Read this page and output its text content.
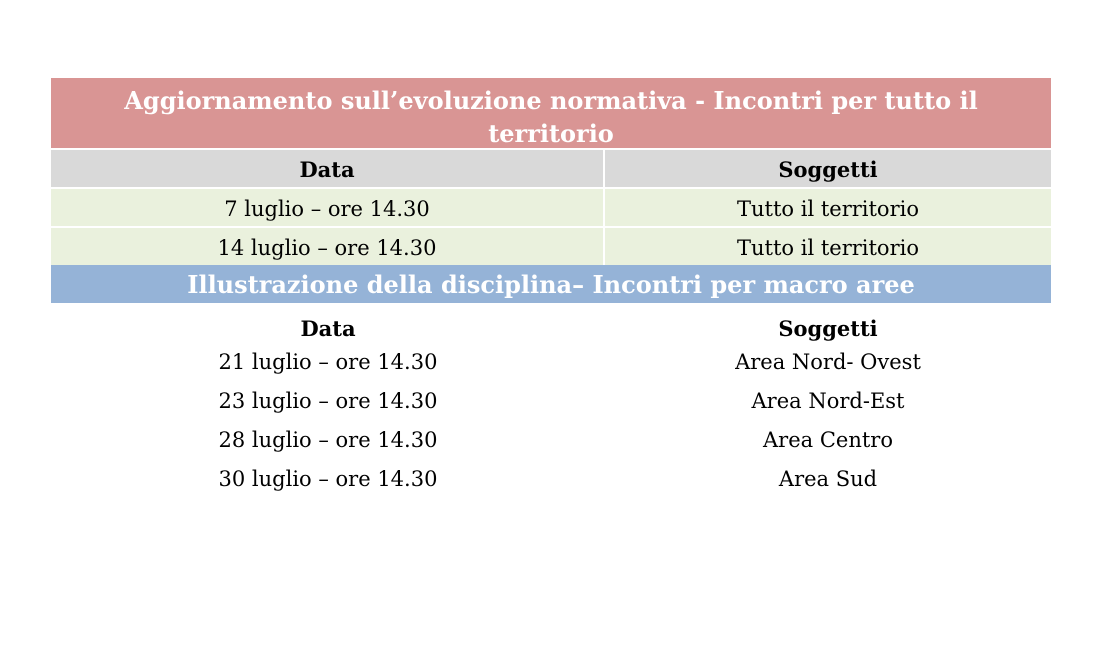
Aggiornamento sull’evoluzione normativa - Incontri per tutto il territorio
Data	Soggetti
7 luglio – ore 14.30	Tutto il territorio
14 luglio – ore 14.30	Tutto il territorio
Illustrazione della disciplina– Incontri per macro aree
Data	Soggetti
21 luglio – ore 14.30	Area Nord- Ovest
23 luglio – ore 14.30	Area Nord-Est
28 luglio – ore 14.30	Area Centro
30 luglio – ore 14.30	Area Sud
